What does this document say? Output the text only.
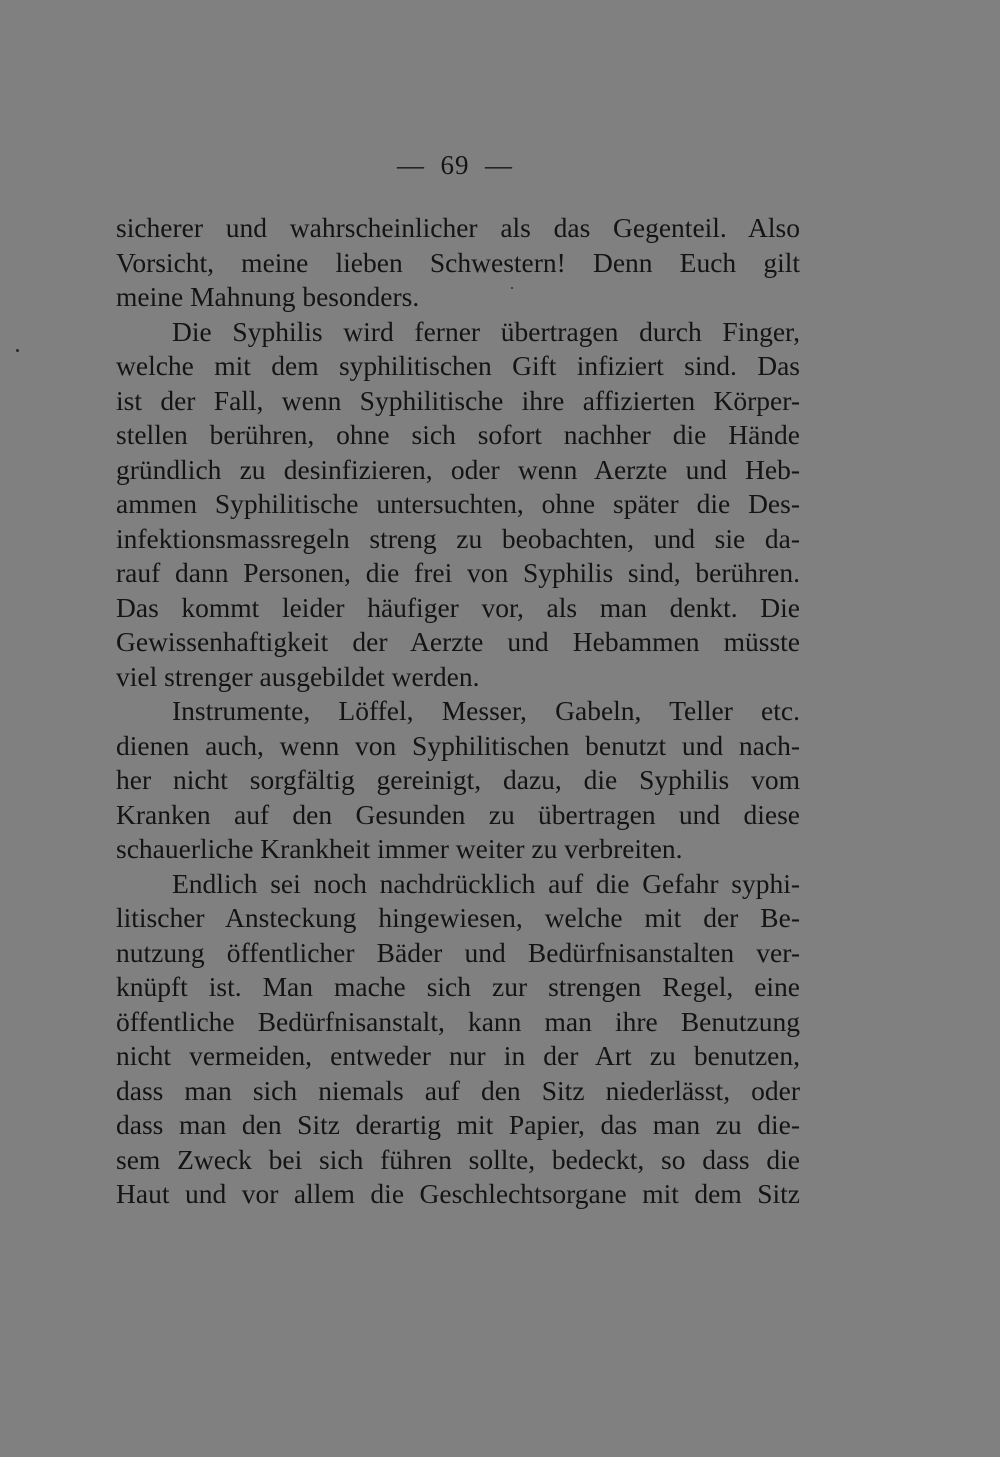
—  69  —
sicherer und wahrscheinlicher als das Gegenteil. Also
Vorsicht, meine lieben Schwestern! Denn Euch gilt
meine Mahnung besonders.
Die Syphilis wird ferner übertragen durch Finger,
welche mit dem syphilitischen Gift infiziert sind. Das
ist der Fall, wenn Syphilitische ihre affizierten Körper-
stellen berühren, ohne sich sofort nachher die Hände
gründlich zu desinfizieren, oder wenn Aerzte und Heb-
ammen Syphilitische untersuchten, ohne später die Des-
infektionsmassregeln streng zu beobachten, und sie da-
rauf dann Personen, die frei von Syphilis sind, berühren.
Das kommt leider häufiger vor, als man denkt. Die
Gewissenhaftigkeit der Aerzte und Hebammen müsste
viel strenger ausgebildet werden.
Instrumente, Löffel, Messer, Gabeln, Teller etc.
dienen auch, wenn von Syphilitischen benutzt und nach-
her nicht sorgfältig gereinigt, dazu, die Syphilis vom
Kranken auf den Gesunden zu übertragen und diese
schauerliche Krankheit immer weiter zu verbreiten.
Endlich sei noch nachdrücklich auf die Gefahr syphi-
litischer Ansteckung hingewiesen, welche mit der Be-
nutzung öffentlicher Bäder und Bedürfnisanstalten ver-
knüpft ist. Man mache sich zur strengen Regel, eine
öffentliche Bedürfnisanstalt, kann man ihre Benutzung
nicht vermeiden, entweder nur in der Art zu benutzen,
dass man sich niemals auf den Sitz niederlässt, oder
dass man den Sitz derartig mit Papier, das man zu die-
sem Zweck bei sich führen sollte, bedeckt, so dass die
Haut und vor allem die Geschlechtsorgane mit dem Sitz
